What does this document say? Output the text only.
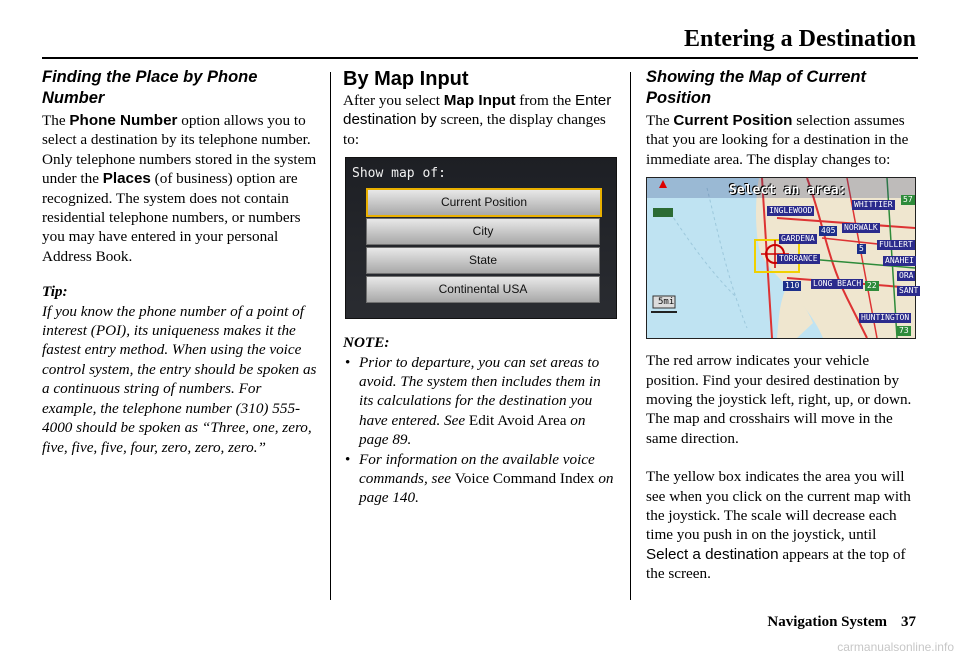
Entering a Destination
Finding the Place by Phone Number

The Phone Number option allows you to select a destination by its telephone number. Only telephone numbers stored in the system under the Places (of business) option are recognized. The system does not contain residential telephone numbers, or numbers you may have entered in your personal Address Book.

Tip:

If you know the phone number of a point of interest (POI), its uniqueness makes it the fastest entry method. When using the voice control system, the entry should be spoken as a continuous string of numbers. For example, the telephone number (310) 555-4000 should be spoken as “Three, one, zero, five, five, five, four, zero, zero, zero.”

By Map Input

After you select Map Input from the Enter destination by screen, the display changes to:

Show map of:
Current Position
City
State
Continental USA

NOTE:

• Prior to departure, you can set areas to avoid. The system then includes them in its calculations for the destination you have entered. See Edit Avoid Area on page 89.
• For information on the available voice commands, see Voice Command Index on page 140.
Showing the Map of Current Position

The Current Position selection assumes that you are looking for a destination in the immediate area. The display changes to:

Select an area:
5mi
INGLEWOOD
WHITTIER
GARDENA
NORWALK
FULLERT
TORRANCE	ANAHEI
LONG BEACH
ORA
SANT
HUNTINGTON
405
5
110	22
57
73

The red arrow indicates your vehicle position. Find your desired destination by moving the joystick left, right, up, or down. The map and crosshairs will move in the same direction.

The yellow box indicates the area you will see when you click on the current map with the joystick. The scale will decrease each time you push in on the joystick, until Select a destination appears at the top of the screen.

Navigation System 37
carmanualsonline.info
